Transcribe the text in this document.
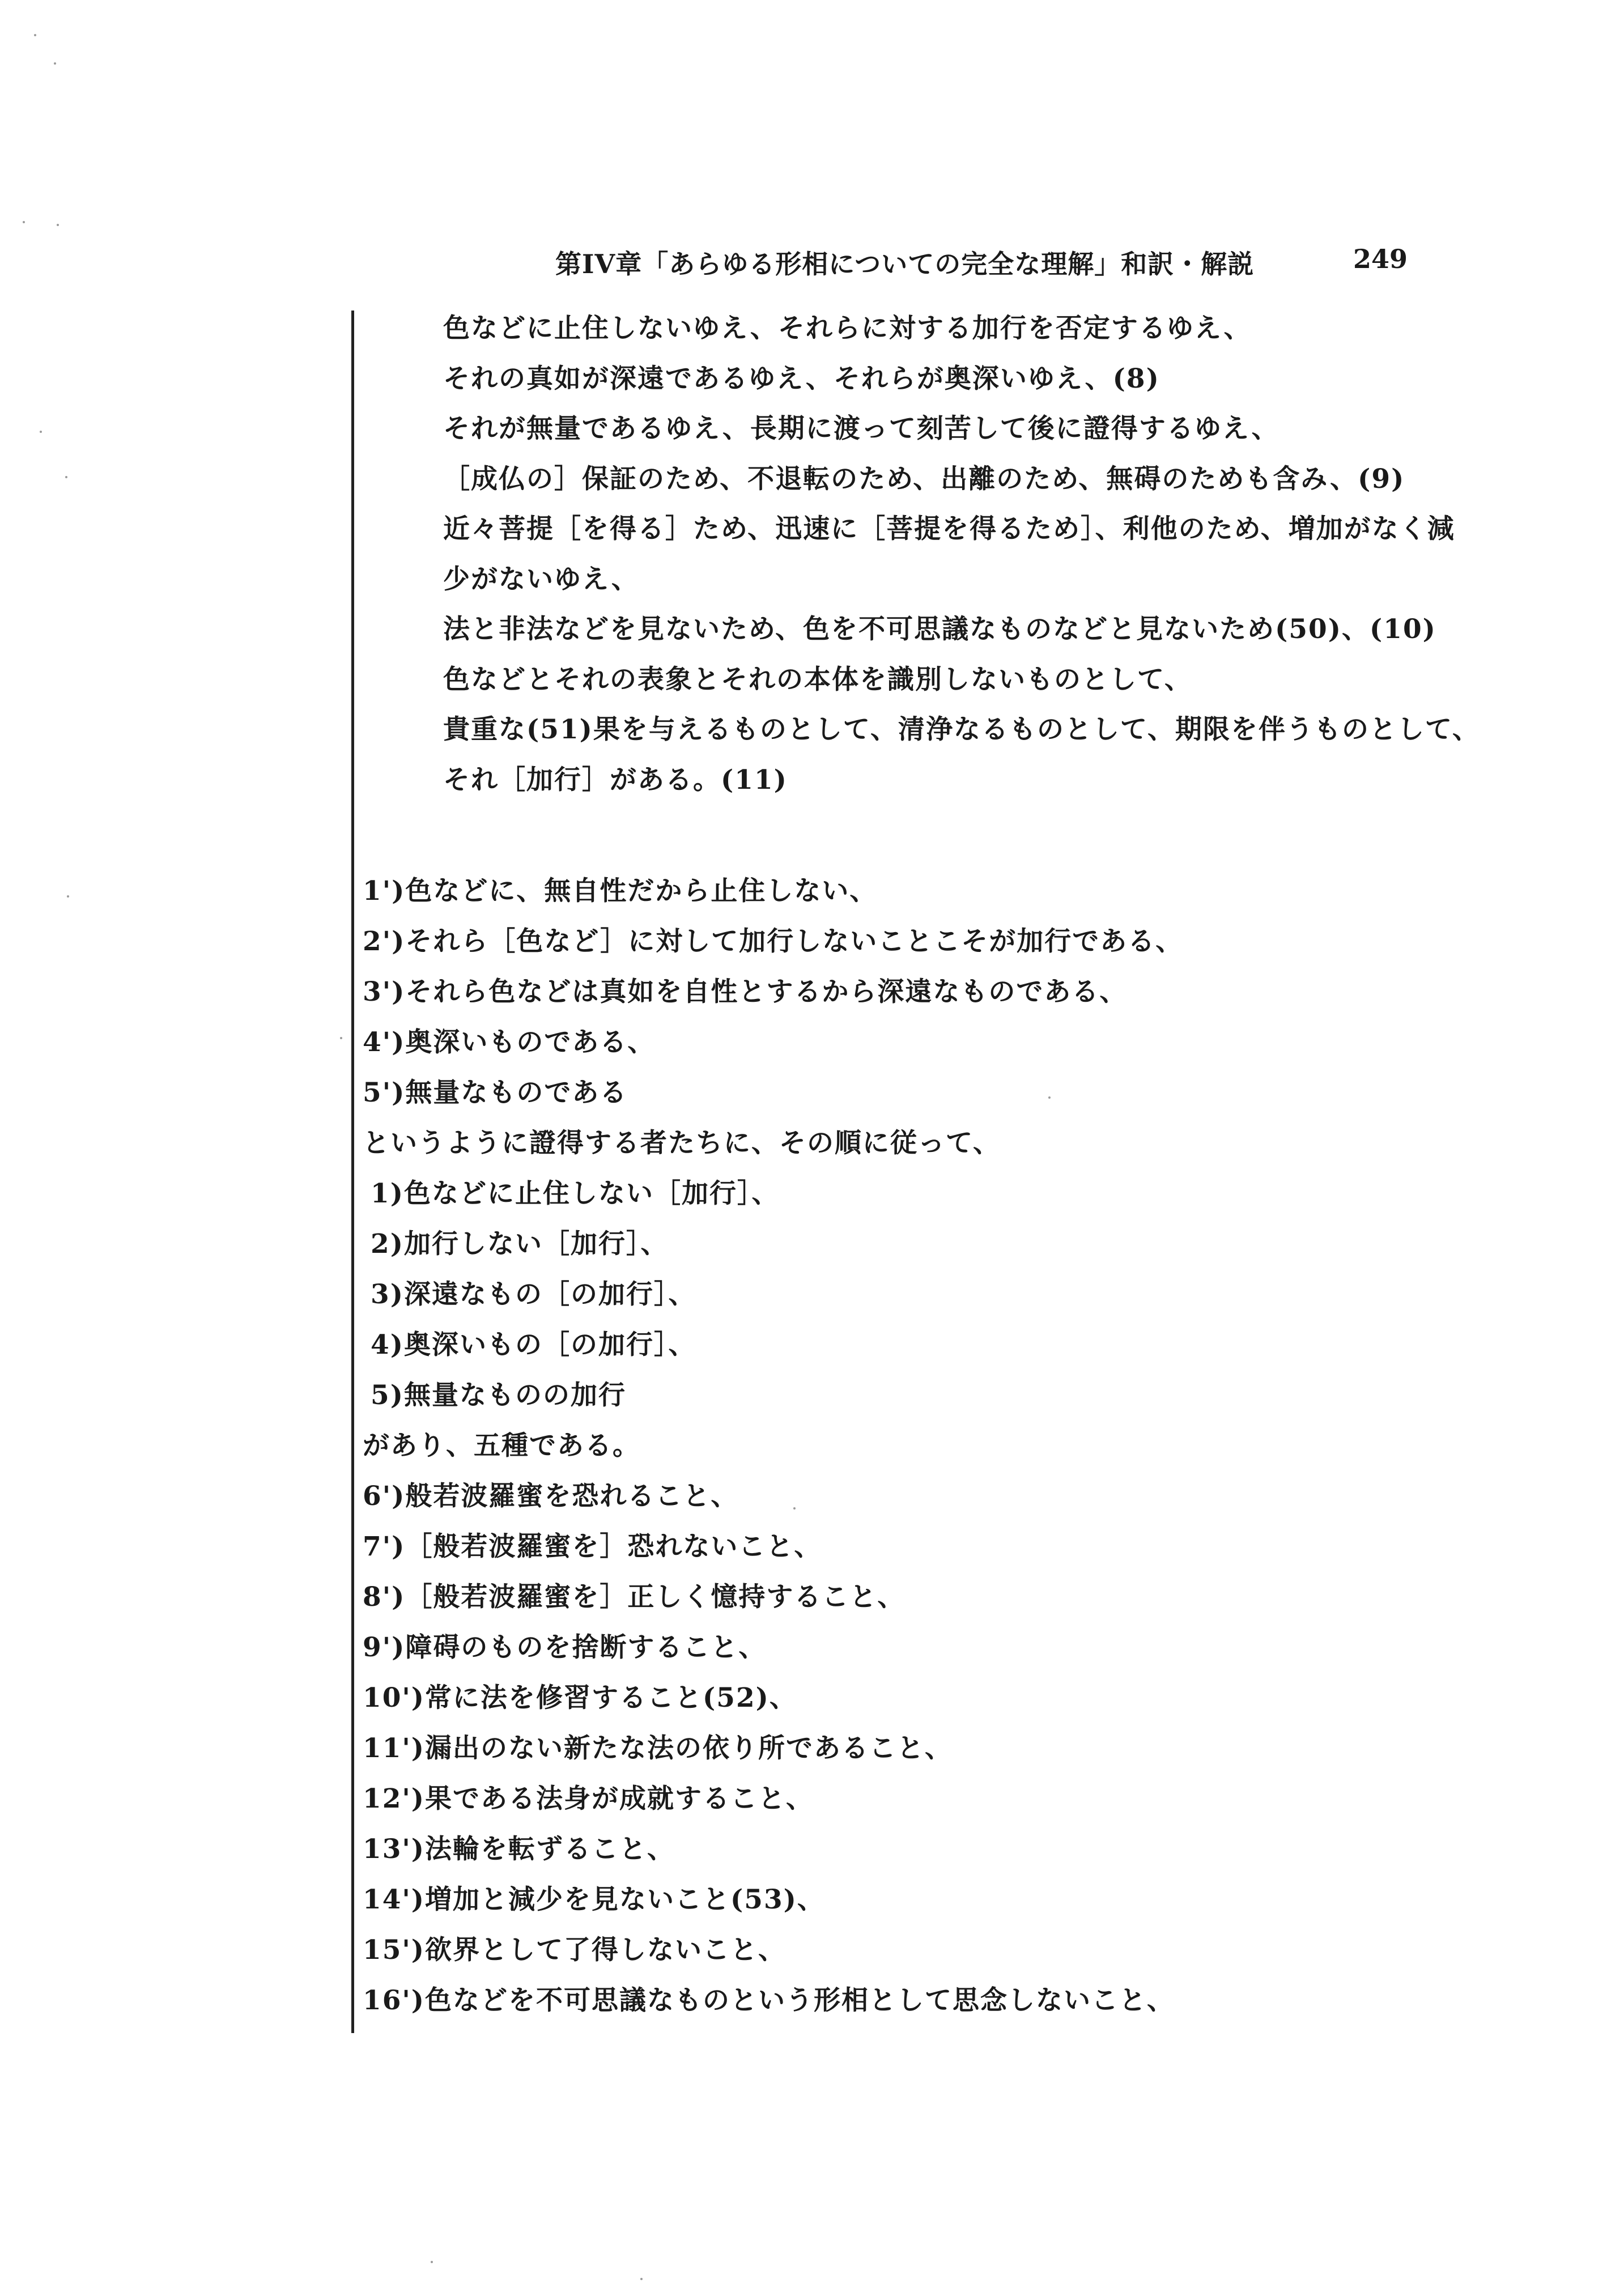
第IV章「あらゆる形相についての完全な理解」和訳・解説	249
色などに止住しないゆえ、それらに対する加行を否定するゆえ、
それの真如が深遠であるゆえ、それらが奥深いゆえ、(8)
それが無量であるゆえ、長期に渡って刻苦して後に證得するゆえ、
［成仏の］保証のため、不退転のため、出離のため、無碍のためも含み、(9)
近々菩提［を得る］ため、迅速に［菩提を得るため］、利他のため、増加がなく減
少がないゆえ、
法と非法などを見ないため、色を不可思議なものなどと見ないため(50)、(10)
色などとそれの表象とそれの本体を識別しないものとして、
貴重な(51)果を与えるものとして、清浄なるものとして、期限を伴うものとして、
それ［加行］がある。(11)
1')色などに、無自性だから止住しない、
2')それら［色など］に対して加行しないことこそが加行である、
3')それら色などは真如を自性とするから深遠なものである、
4')奥深いものである、
5')無量なものである
というように證得する者たちに、その順に従って、
1)色などに止住しない［加行］、
2)加行しない［加行］、
3)深遠なもの［の加行］、
4)奥深いもの［の加行］、
5)無量なものの加行
があり、五種である。
6')般若波羅蜜を恐れること、
7')［般若波羅蜜を］恐れないこと、
8')［般若波羅蜜を］正しく憶持すること、
9')障碍のものを捨断すること、
10')常に法を修習すること(52)、
11')漏出のない新たな法の依り所であること、
12')果である法身が成就すること、
13')法輪を転ずること、
14')増加と減少を見ないこと(53)、
15')欲界として了得しないこと、
16')色などを不可思議なものという形相として思念しないこと、
